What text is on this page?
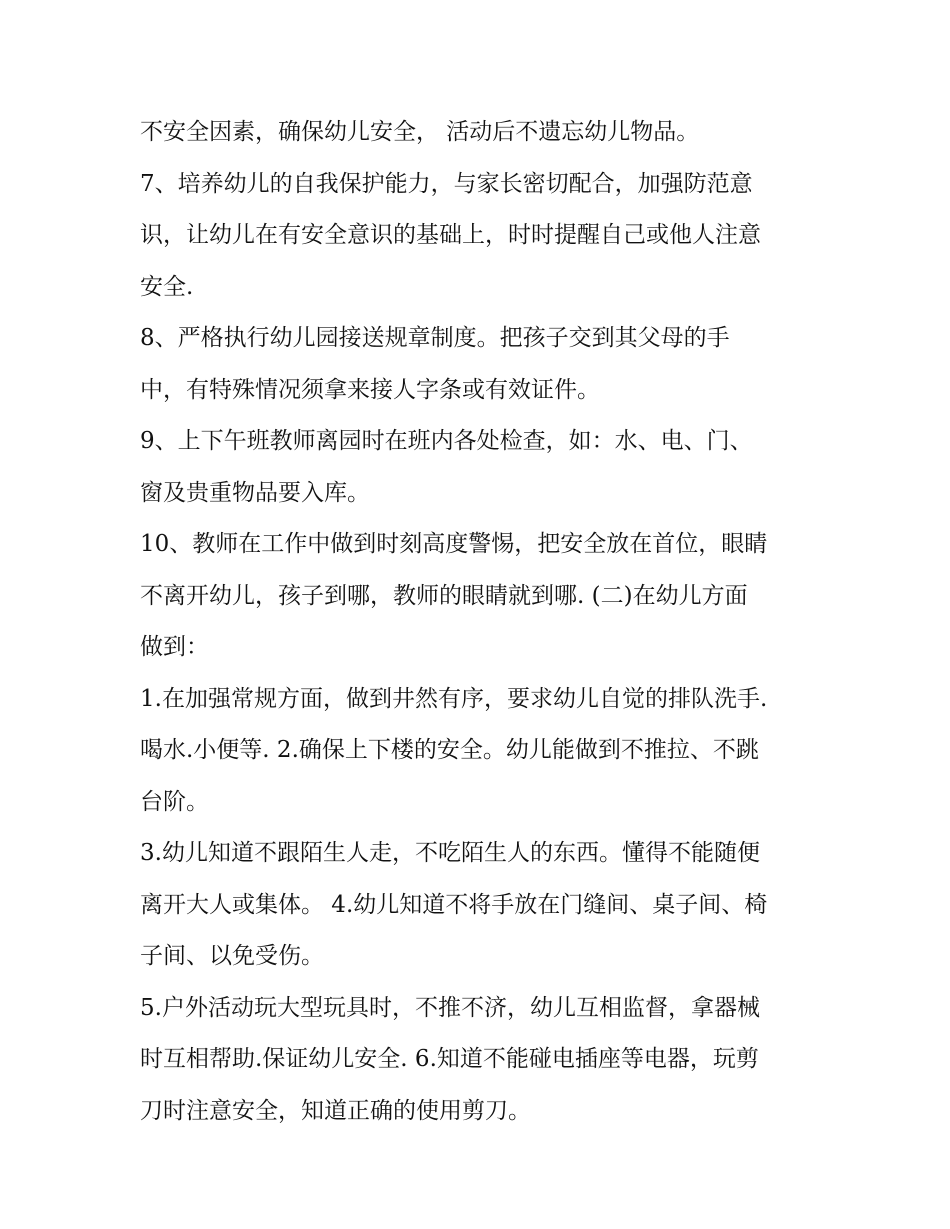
不安全因素，确保幼儿安全， 活动后不遗忘幼儿物品。
7、培养幼儿的自我保护能力，与家长密切配合，加强防范意
识，让幼儿在有安全意识的基础上，时时提醒自己或他人注意
安全.
8、严格执行幼儿园接送规章制度。把孩子交到其父母的手
中，有特殊情况须拿来接人字条或有效证件。
9、上下午班教师离园时在班内各处检查，如：水、电、门、
窗及贵重物品要入库。
10、教师在工作中做到时刻高度警惕，把安全放在首位，眼睛
不离开幼儿，孩子到哪，教师的眼睛就到哪. (二)在幼儿方面
做到：
1.在加强常规方面，做到井然有序，要求幼儿自觉的排队洗手.
喝水.小便等. 2.确保上下楼的安全。幼儿能做到不推拉、不跳
台阶。
3.幼儿知道不跟陌生人走，不吃陌生人的东西。懂得不能随便
离开大人或集体。 4.幼儿知道不将手放在门缝间、桌子间、椅
子间、以免受伤。
5.户外活动玩大型玩具时，不推不济，幼儿互相监督，拿器械
时互相帮助.保证幼儿安全. 6.知道不能碰电插座等电器，玩剪
刀时注意安全，知道正确的使用剪刀。
